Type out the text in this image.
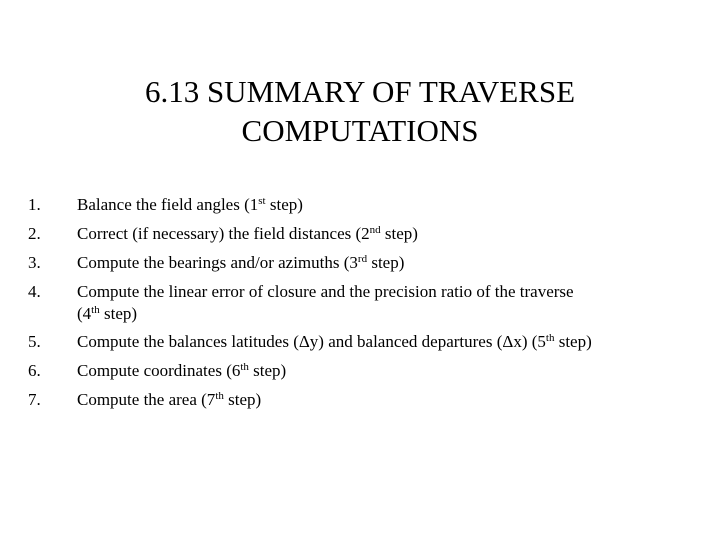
6.13 SUMMARY OF TRAVERSE
COMPUTATIONS
1.	Balance the field angles (1st step)
2.	Correct (if necessary) the field distances (2nd step)
3.	Compute the bearings and/or azimuths (3rd step)
4.	Compute the linear error of closure and the precision ratio of the traverse
(4th step)
5.	Compute the balances latitudes (Δy) and balanced departures (Δx) (5th step)
6.	Compute coordinates (6th step)
7.	Compute the area (7th step)
